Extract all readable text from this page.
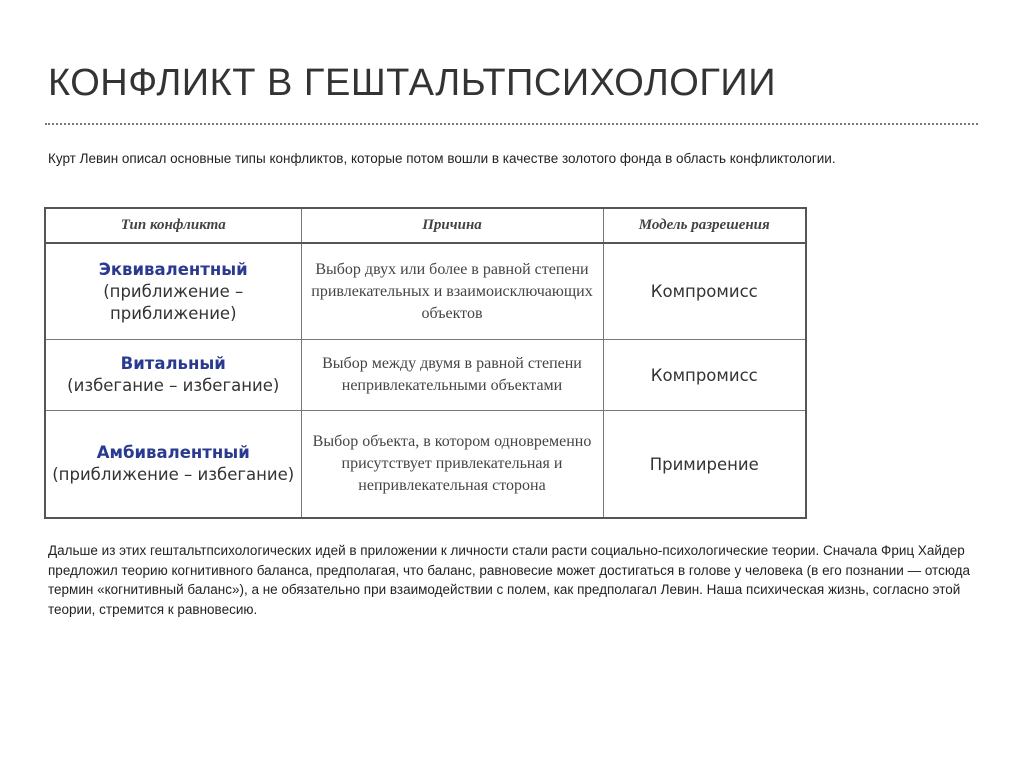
КОНФЛИКТ В ГЕШТАЛЬТПСИХОЛОГИИ

Курт Левин описал основные типы конфликтов, которые потом вошли в качестве золотого фонда в область конфликтологии.

Тип конфликта	Причина	Модель разрешения

Эквивалентный
(приближение – приближение)	Выбор двух или более в равной степени привлекательных и взаимоисключающих объектов	Компромисс

Витальный
(избегание – избегание)	Выбор между двумя в равной степени непривлекательными объектами	Компромисс

Амбивалентный
(приближение – избегание)	Выбор объекта, в котором одновременно присутствует привлекательная и непривлекательная сторона	Примирение

Дальше из этих гештальтпсихологических идей в приложении к личности стали расти социально-психологические теории. Сначала Фриц Хайдер предложил теорию когнитивного баланса, предполагая, что баланс, равновесие может достигаться в голове у человека (в его познании — отсюда термин «когнитивный баланс»), а не обязательно при взаимодействии с полем, как предполагал Левин. Наша психическая жизнь, согласно этой теории, стремится к равновесию.
